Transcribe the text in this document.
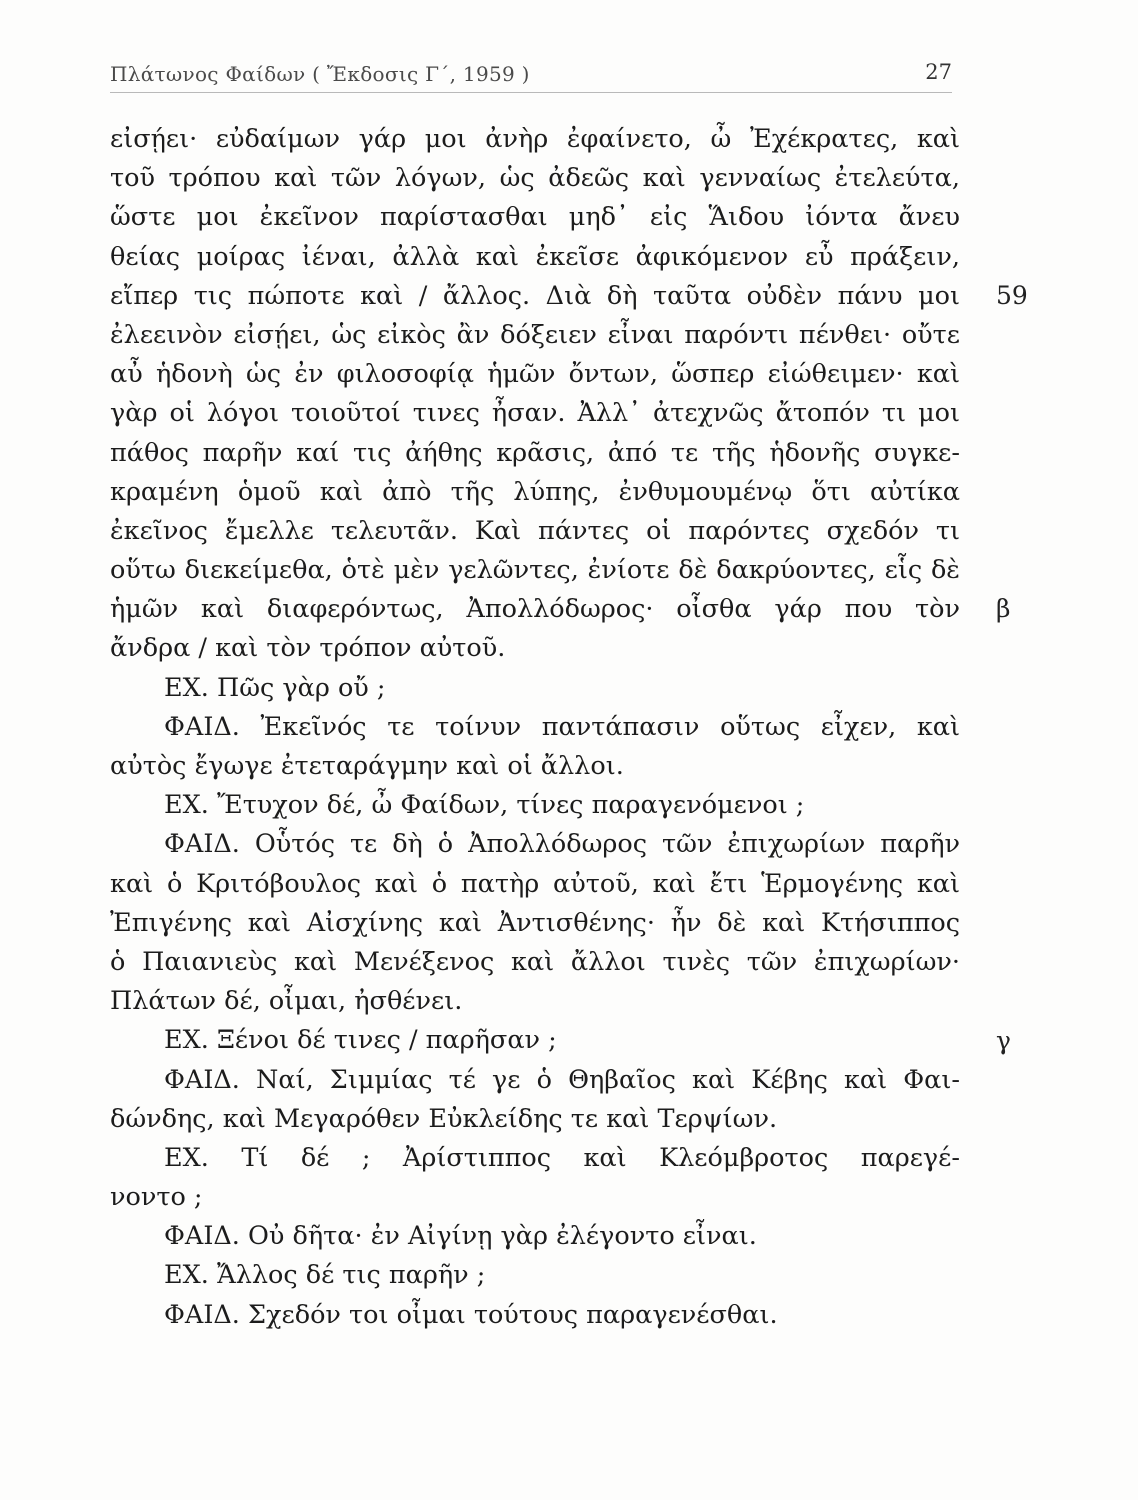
Πλάτωνος Φαίδων ( Ἔκδοσις Γ΄, 1959 )	27
εἰσῄει· εὐδαίμων γάρ μοι ἀνὴρ ἐφαίνετο, ὦ Ἐχέκρατες, καὶ
τοῦ τρόπου καὶ τῶν λόγων, ὡς ἀδεῶς καὶ γενναίως ἐτελεύτα,
ὥστε μοι ἐκεῖνον παρίστασθαι μηδ᾽ εἰς Ἅιδου ἰόντα ἄνευ
θείας μοίρας ἰέναι, ἀλλὰ καὶ ἐκεῖσε ἀφικόμενον εὖ πράξειν,
εἴπερ τις πώποτε καὶ / ἄλλος. Διὰ δὴ ταῦτα οὐδὲν πάνυ μοι
ἐλεεινὸν εἰσῄει, ὡς εἰκὸς ἂν δόξειεν εἶναι παρόντι πένθει· οὔτε
αὖ ἡδονὴ ὡς ἐν φιλοσοφίᾳ ἡμῶν ὄντων, ὥσπερ εἰώθειμεν· καὶ
γὰρ οἱ λόγοι τοιοῦτοί τινες ἦσαν. Ἀλλ᾽ ἀτεχνῶς ἄτοπόν τι μοι
πάθος παρῆν καί τις ἀήθης κρᾶσις, ἀπό τε τῆς ἡδονῆς συγκε-
κραμένη ὁμοῦ καὶ ἀπὸ τῆς λύπης, ἐνθυμουμένῳ ὅτι αὐτίκα
ἐκεῖνος ἔμελλε τελευτᾶν. Καὶ πάντες οἱ παρόντες σχεδόν τι
οὕτω διεκείμεθα, ὁτὲ μὲν γελῶντες, ἐνίοτε δὲ δακρύοντες, εἷς δὲ
ἡμῶν καὶ διαφερόντως, Ἀπολλόδωρος· οἶσθα γάρ που τὸν
ἄνδρα / καὶ τὸν τρόπον αὐτοῦ.
ΕΧ. Πῶς γὰρ οὔ ;
ΦΑΙΔ. Ἐκεῖνός τε τοίνυν παντάπασιν οὕτως εἶχεν, καὶ
αὐτὸς ἔγωγε ἐτεταράγμην καὶ οἱ ἄλλοι.
ΕΧ. Ἔτυχον δέ, ὦ Φαίδων, τίνες παραγενόμενοι ;
ΦΑΙΔ. Οὗτός τε δὴ ὁ Ἀπολλόδωρος τῶν ἐπιχωρίων παρῆν
καὶ ὁ Κριτόβουλος καὶ ὁ πατὴρ αὐτοῦ, καὶ ἔτι Ἑρμογένης καὶ
Ἐπιγένης καὶ Αἰσχίνης καὶ Ἀντισθένης· ἦν δὲ καὶ Κτήσιππος
ὁ Παιανιεὺς καὶ Μενέξενος καὶ ἄλλοι τινὲς τῶν ἐπιχωρίων·
Πλάτων δέ, οἶμαι, ἠσθένει.
ΕΧ. Ξένοι δέ τινες / παρῆσαν ;
ΦΑΙΔ. Ναί, Σιμμίας τέ γε ὁ Θηβαῖος καὶ Κέβης καὶ Φαι-
δώνδης, καὶ Μεγαρόθεν Εὐκλείδης τε καὶ Τερψίων.
ΕΧ. Τί δέ ; Ἀρίστιππος καὶ Κλεόμβροτος παρεγέ-
νοντο ;
ΦΑΙΔ. Οὐ δῆτα· ἐν Αἰγίνῃ γὰρ ἐλέγοντο εἶναι.
ΕΧ. Ἄλλος δέ τις παρῆν ;
ΦΑΙΔ. Σχεδόν τοι οἶμαι τούτους παραγενέσθαι.
59
β
γ
